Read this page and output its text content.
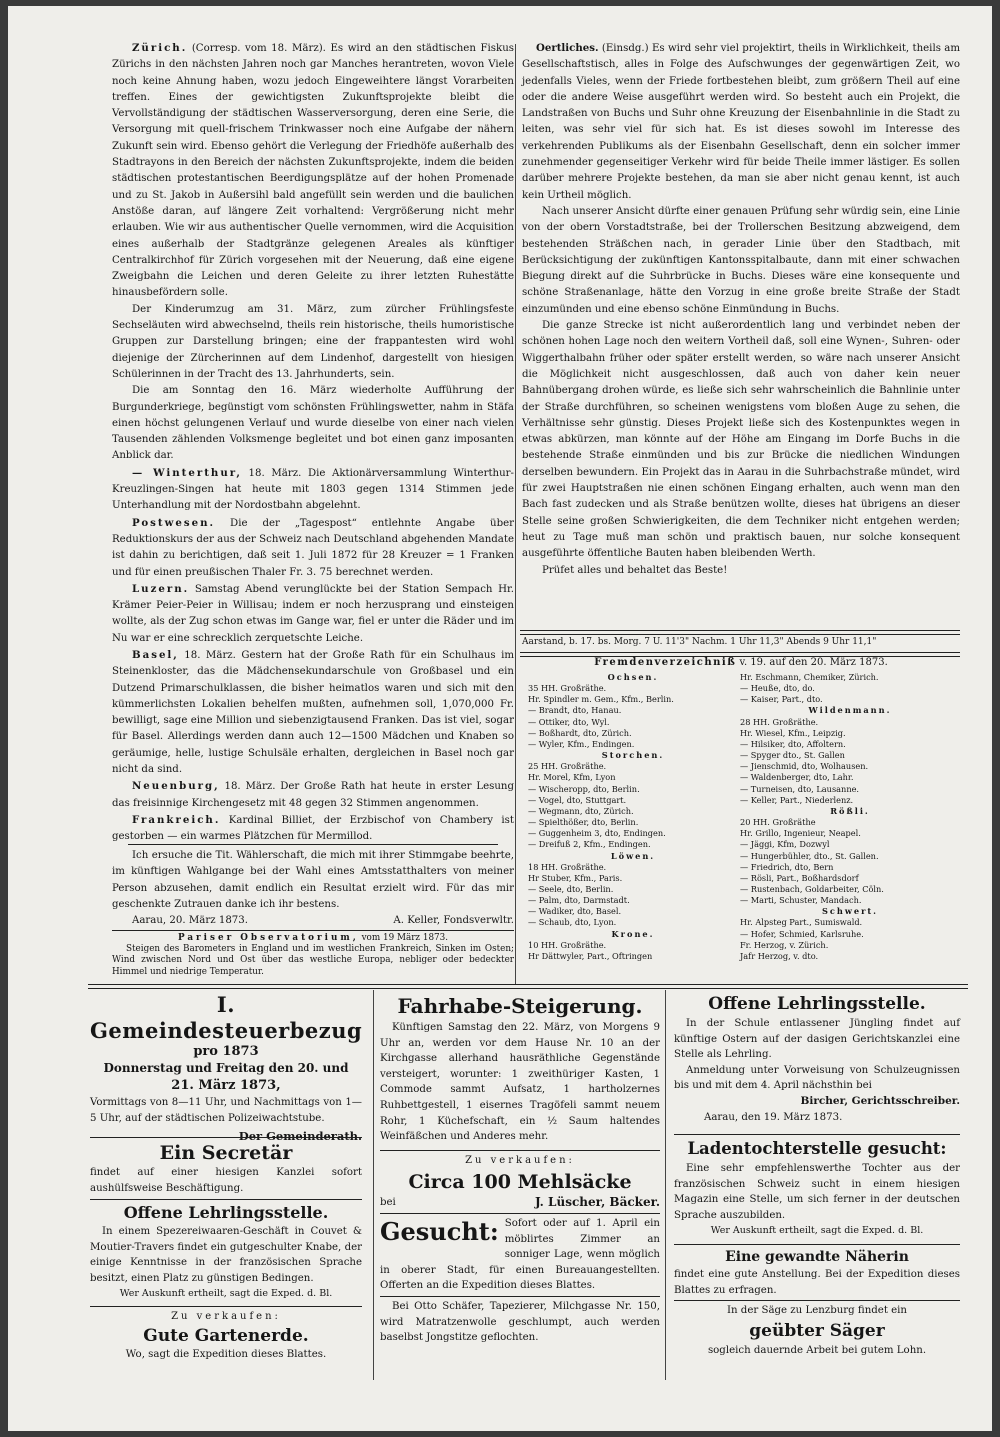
Zürich. (Corresp. vom 18. März). Es wird an den städtischen Fiskus Zürichs in den nächsten Jahren noch gar Manches herantreten, wovon Viele noch keine Ahnung haben, wozu jedoch Eingeweihtere längst Vorarbeiten treffen. Eines der gewichtigsten Zukunftsprojekte bleibt die Vervollständigung der städtischen Wasserversorgung, deren eine Serie, die Versorgung mit quell-frischem Trinkwasser noch eine Aufgabe der nähern Zukunft sein wird. Ebenso gehört die Verlegung der Friedhöfe außerhalb des Stadtrayons in den Bereich der nächsten Zukunftsprojekte, indem die beiden städtischen protestantischen Beerdigungsplätze auf der hohen Promenade und zu St. Jakob in Außersihl bald angefüllt sein werden und die baulichen Anstöße daran, auf längere Zeit vorhaltend: Vergrößerung nicht mehr erlauben. Wie wir aus authentischer Quelle vernommen, wird die Acquisition eines außerhalb der Stadtgränze gelegenen Areales als künftiger Centralkirchhof für Zürich vorgesehen mit der Neuerung, daß eine eigene Zweigbahn die Leichen und deren Geleite zu ihrer letzten Ruhestätte hinausbefördern solle.

Der Kinderumzug am 31. März, zum zürcher Frühlingsfeste Sechseläuten wird abwechselnd, theils rein historische, theils humoristische Gruppen zur Darstellung bringen; eine der frappantesten wird wohl diejenige der Zürcherinnen auf dem Lindenhof, dargestellt von hiesigen Schülerinnen in der Tracht des 13. Jahrhunderts, sein.

Die am Sonntag den 16. März wiederholte Aufführung der Burgunderkriege, begünstigt vom schönsten Frühlingswetter, nahm in Stäfa einen höchst gelungenen Verlauf und wurde dieselbe von einer nach vielen Tausenden zählenden Volksmenge begleitet und bot einen ganz imposanten Anblick dar.

— Winterthur, 18. März. Die Aktionärversammlung Winterthur-Kreuzlingen-Singen hat heute mit 1803 gegen 1314 Stimmen jede Unterhandlung mit der Nordostbahn abgelehnt.

Postwesen. Die der „Tagespost“ entlehnte Angabe über Reduktionskurs der aus der Schweiz nach Deutschland abgehenden Mandate ist dahin zu berichtigen, daß seit 1. Juli 1872 für 28 Kreuzer = 1 Franken und für einen preußischen Thaler Fr. 3. 75 berechnet werden.

Luzern. Samstag Abend verunglückte bei der Station Sempach Hr. Krämer Peier-Peier in Willisau; indem er noch herzusprang und einsteigen wollte, als der Zug schon etwas im Gange war, fiel er unter die Räder und im Nu war er eine schrecklich zerquetschte Leiche.

Basel, 18. März. Gestern hat der Große Rath für ein Schulhaus im Steinenkloster, das die Mädchensekundarschule von Großbasel und ein Dutzend Primarschulklassen, die bisher heimatlos waren und sich mit den kümmerlichsten Lokalien behelfen mußten, aufnehmen soll, 1,070,000 Fr. bewilligt, sage eine Million und siebenzigtausend Franken. Das ist viel, sogar für Basel. Allerdings werden dann auch 12—1500 Mädchen und Knaben so geräumige, helle, lustige Schulsäle erhalten, dergleichen in Basel noch gar nicht da sind.

Neuenburg, 18. März. Der Große Rath hat heute in erster Lesung das freisinnige Kirchengesetz mit 48 gegen 32 Stimmen angenommen.

Frankreich. Kardinal Billiet, der Erzbischof von Chambery ist gestorben — ein warmes Plätzchen für Mermillod.

Ich ersuche die Tit. Wählerschaft, die mich mit ihrer Stimmgabe beehrte, im künftigen Wahlgange bei der Wahl eines Amtsstatthalters von meiner Person abzusehen, damit endlich ein Resultat erzielt wird. Für das mir geschenkte Zutrauen danke ich ihr bestens.

Aarau, 20. März 1873.	A. Keller, Fondsverwltr.
Pariser Observatorium, vom 19 März 1873.
Steigen des Barometers in England und im westlichen Frankreich, Sinken im Osten; Wind zwischen Nord und Ost über das westliche Europa, nebliger oder bedeckter Himmel und niedrige Temperatur.

Oertliches. (Einsdg.) Es wird sehr viel projektirt, theils in Wirklichkeit, theils am Gesellschaftstisch, alles in Folge des Aufschwunges der gegenwärtigen Zeit, wo jedenfalls Vieles, wenn der Friede fortbestehen bleibt, zum größern Theil auf eine oder die andere Weise ausgeführt werden wird. So besteht auch ein Projekt, die Landstraßen von Buchs und Suhr ohne Kreuzung der Eisenbahnlinie in die Stadt zu leiten, was sehr viel für sich hat. Es ist dieses sowohl im Interesse des verkehrenden Publikums als der Eisenbahn Gesellschaft, denn ein solcher immer zunehmender gegenseitiger Verkehr wird für beide Theile immer lästiger. Es sollen darüber mehrere Projekte bestehen, da man sie aber nicht genau kennt, ist auch kein Urtheil möglich.

Nach unserer Ansicht dürfte einer genauen Prüfung sehr würdig sein, eine Linie von der obern Vorstadtstraße, bei der Trollerschen Besitzung abzweigend, dem bestehenden Sträßchen nach, in gerader Linie über den Stadtbach, mit Berücksichtigung der zukünftigen Kantonsspitalbaute, dann mit einer schwachen Biegung direkt auf die Suhrbrücke in Buchs. Dieses wäre eine konsequente und schöne Straßenanlage, hätte den Vorzug in eine große breite Straße der Stadt einzumünden und eine ebenso schöne Einmündung in Buchs.

Die ganze Strecke ist nicht außerordentlich lang und verbindet neben der schönen hohen Lage noch den weitern Vortheil daß, soll eine Wynen-, Suhren- oder Wiggerthalbahn früher oder später erstellt werden, so wäre nach unserer Ansicht die Möglichkeit nicht ausgeschlossen, daß auch von daher kein neuer Bahnübergang drohen würde, es ließe sich sehr wahrscheinlich die Bahnlinie unter der Straße durchführen, so scheinen wenigstens vom bloßen Auge zu sehen, die Verhältnisse sehr günstig. Dieses Projekt ließe sich des Kostenpunktes wegen in etwas abkürzen, man könnte auf der Höhe am Eingang im Dorfe Buchs in die bestehende Straße einmünden und bis zur Brücke die niedlichen Windungen derselben bewundern. Ein Projekt das in Aarau in die Suhrbachstraße mündet, wird für zwei Hauptstraßen nie einen schönen Eingang erhalten, auch wenn man den Bach fast zudecken und als Straße benützen wollte, dieses hat übrigens an dieser Stelle seine großen Schwierigkeiten, die dem Techniker nicht entgehen werden; heut zu Tage muß man schön und praktisch bauen, nur solche konsequent ausgeführte öffentliche Bauten haben bleibenden Werth.

Prüfet alles und behaltet das Beste!

Aarstand, b. 17. bs. Morg. 7 U. 11'3" Nachm. 1 Uhr 11,3" Abends 9 Uhr 11,1"
Fremdenverzeichniß v. 19. auf den 20. März 1873.
Ochsen.
35 HH. Großräthe.
Hr. Spindler m. Gem., Kfm., Berlin.
— Brandt, dto, Hanau.
— Ottiker, dto, Wyl.
— Boßhardt, dto, Zürich.
— Wyler, Kfm., Endingen.
Storchen.
25 HH. Großräthe.
Hr. Morel, Kfm, Lyon
— Wischeropp, dto, Berlin.
— Vogel, dto, Stuttgart.
— Wegmann, dto, Zürich.
— Spielthößer, dto, Berlin.
— Guggenheim 3, dto, Endingen.
— Dreifuß 2, Kfm., Endingen.
Löwen.
18 HH. Großräthe.
Hr Stuber, Kfm., Paris.
— Seele, dto, Berlin.
— Palm, dto, Darmstadt.
— Wadiker, dto, Basel.
— Schaub, dto, Lyon.
Krone.
10 HH. Großräthe.
Hr Dättwyler, Part., Oftringen
Hr. Eschmann, Chemiker, Zürich.
— Heuße, dto, do.
— Kaiser, Part., dto.
Wildenmann.
28 HH. Großräthe.
Hr. Wiesel, Kfm., Leipzig.
— Hilsiker, dto, Affoltern.
— Spyger dto., St. Gallen
— Jienschmid, dto, Wolhausen.
— Waldenberger, dto, Lahr.
— Turneisen, dto, Lausanne.
— Keller, Part., Niederlenz.
Rößli.
20 HH. Großräthe
Hr. Grillo, Ingenieur, Neapel.
— Jäggi, Kfm, Dozwyl
— Hungerbühler, dto., St. Gallen.
— Friedrich, dto, Bern
— Rösli, Part., Boßhardsdorf
— Rustenbach, Goldarbeiter, Cöln.
— Marti, Schuster, Mandach.
Schwert.
Hr. Alpsteg Part., Sumiswald.
— Hofer, Schmied, Karlsruhe.
Fr. Herzog, v. Zürich.
Jafr Herzog, v. dto.
I. Gemeindesteuerbezug
pro 1873
Donnerstag und Freitag den 20. und
21. März 1873,

Vormittags von 8—11 Uhr, und Nachmittags von 1—5 Uhr, auf der städtischen Polizeiwachtstube.

Ein Secretär

findet auf einer hiesigen Kanzlei sofort aushülfsweise Beschäftigung.

Offene Lehrlingsstelle.

In einem Spezereiwaaren-Geschäft in Couvet & Moutier-Travers findet ein gutgeschulter Knabe, der einige Kenntnisse in der französischen Sprache besitzt, einen Platz zu günstigen Bedingen.

Wer Auskunft ertheilt, sagt die Exped. d. Bl.
Zu verkaufen:
Gute Gartenerde.
Wo, sagt die Expedition dieses Blattes.
Fahrhabe-Steigerung.

Künftigen Samstag den 22. März, von Morgens 9 Uhr an, werden vor dem Hause Nr. 10 an der Kirchgasse allerhand hausräthliche Gegenstände versteigert, worunter: 1 zweithüriger Kasten, 1 Commode sammt Aufsatz, 1 hartholzernes Ruhbettgestell, 1 eisernes Tragöfeli sammt neuem Rohr, 1 Küchefschaft, ein ½ Saum haltendes Weinfäßchen und Anderes mehr.

Zu verkaufen:
Circa 100 Mehlsäcke
bei	J. Lüscher, Bäcker.
Gesucht: Sofort oder auf 1. April ein möblirtes Zimmer an sonniger Lage, wenn möglich in oberer Stadt, für einen Bureauangestellten. Offerten an die Expedition dieses Blattes.

Bei Otto Schäfer, Tapezierer, Milchgasse Nr. 150, wird Matratzenwolle geschlumpt, auch werden baselbst Jongstitze geflochten.

Offene Lehrlingsstelle.

In der Schule entlassener Jüngling findet auf künftige Ostern auf der dasigen Gerichtskanzlei eine Stelle als Lehrling.

Anmeldung unter Vorweisung von Schulzeugnissen bis und mit dem 4. April nächsthin bei

Bircher, Gerichtsschreiber.
Aarau, den 19. März 1873.
Ladentochterstelle gesucht:

Eine sehr empfehlenswerthe Tochter aus der französischen Schweiz sucht in einem hiesigen Magazin eine Stelle, um sich ferner in der deutschen Sprache auszubilden.

Wer Auskunft ertheilt, sagt die Exped. d. Bl.
Eine gewandte Näherin

findet eine gute Anstellung. Bei der Expedition dieses Blattes zu erfragen.

In der Säge zu Lenzburg findet ein
geübter Säger
sogleich dauernde Arbeit bei gutem Lohn.
